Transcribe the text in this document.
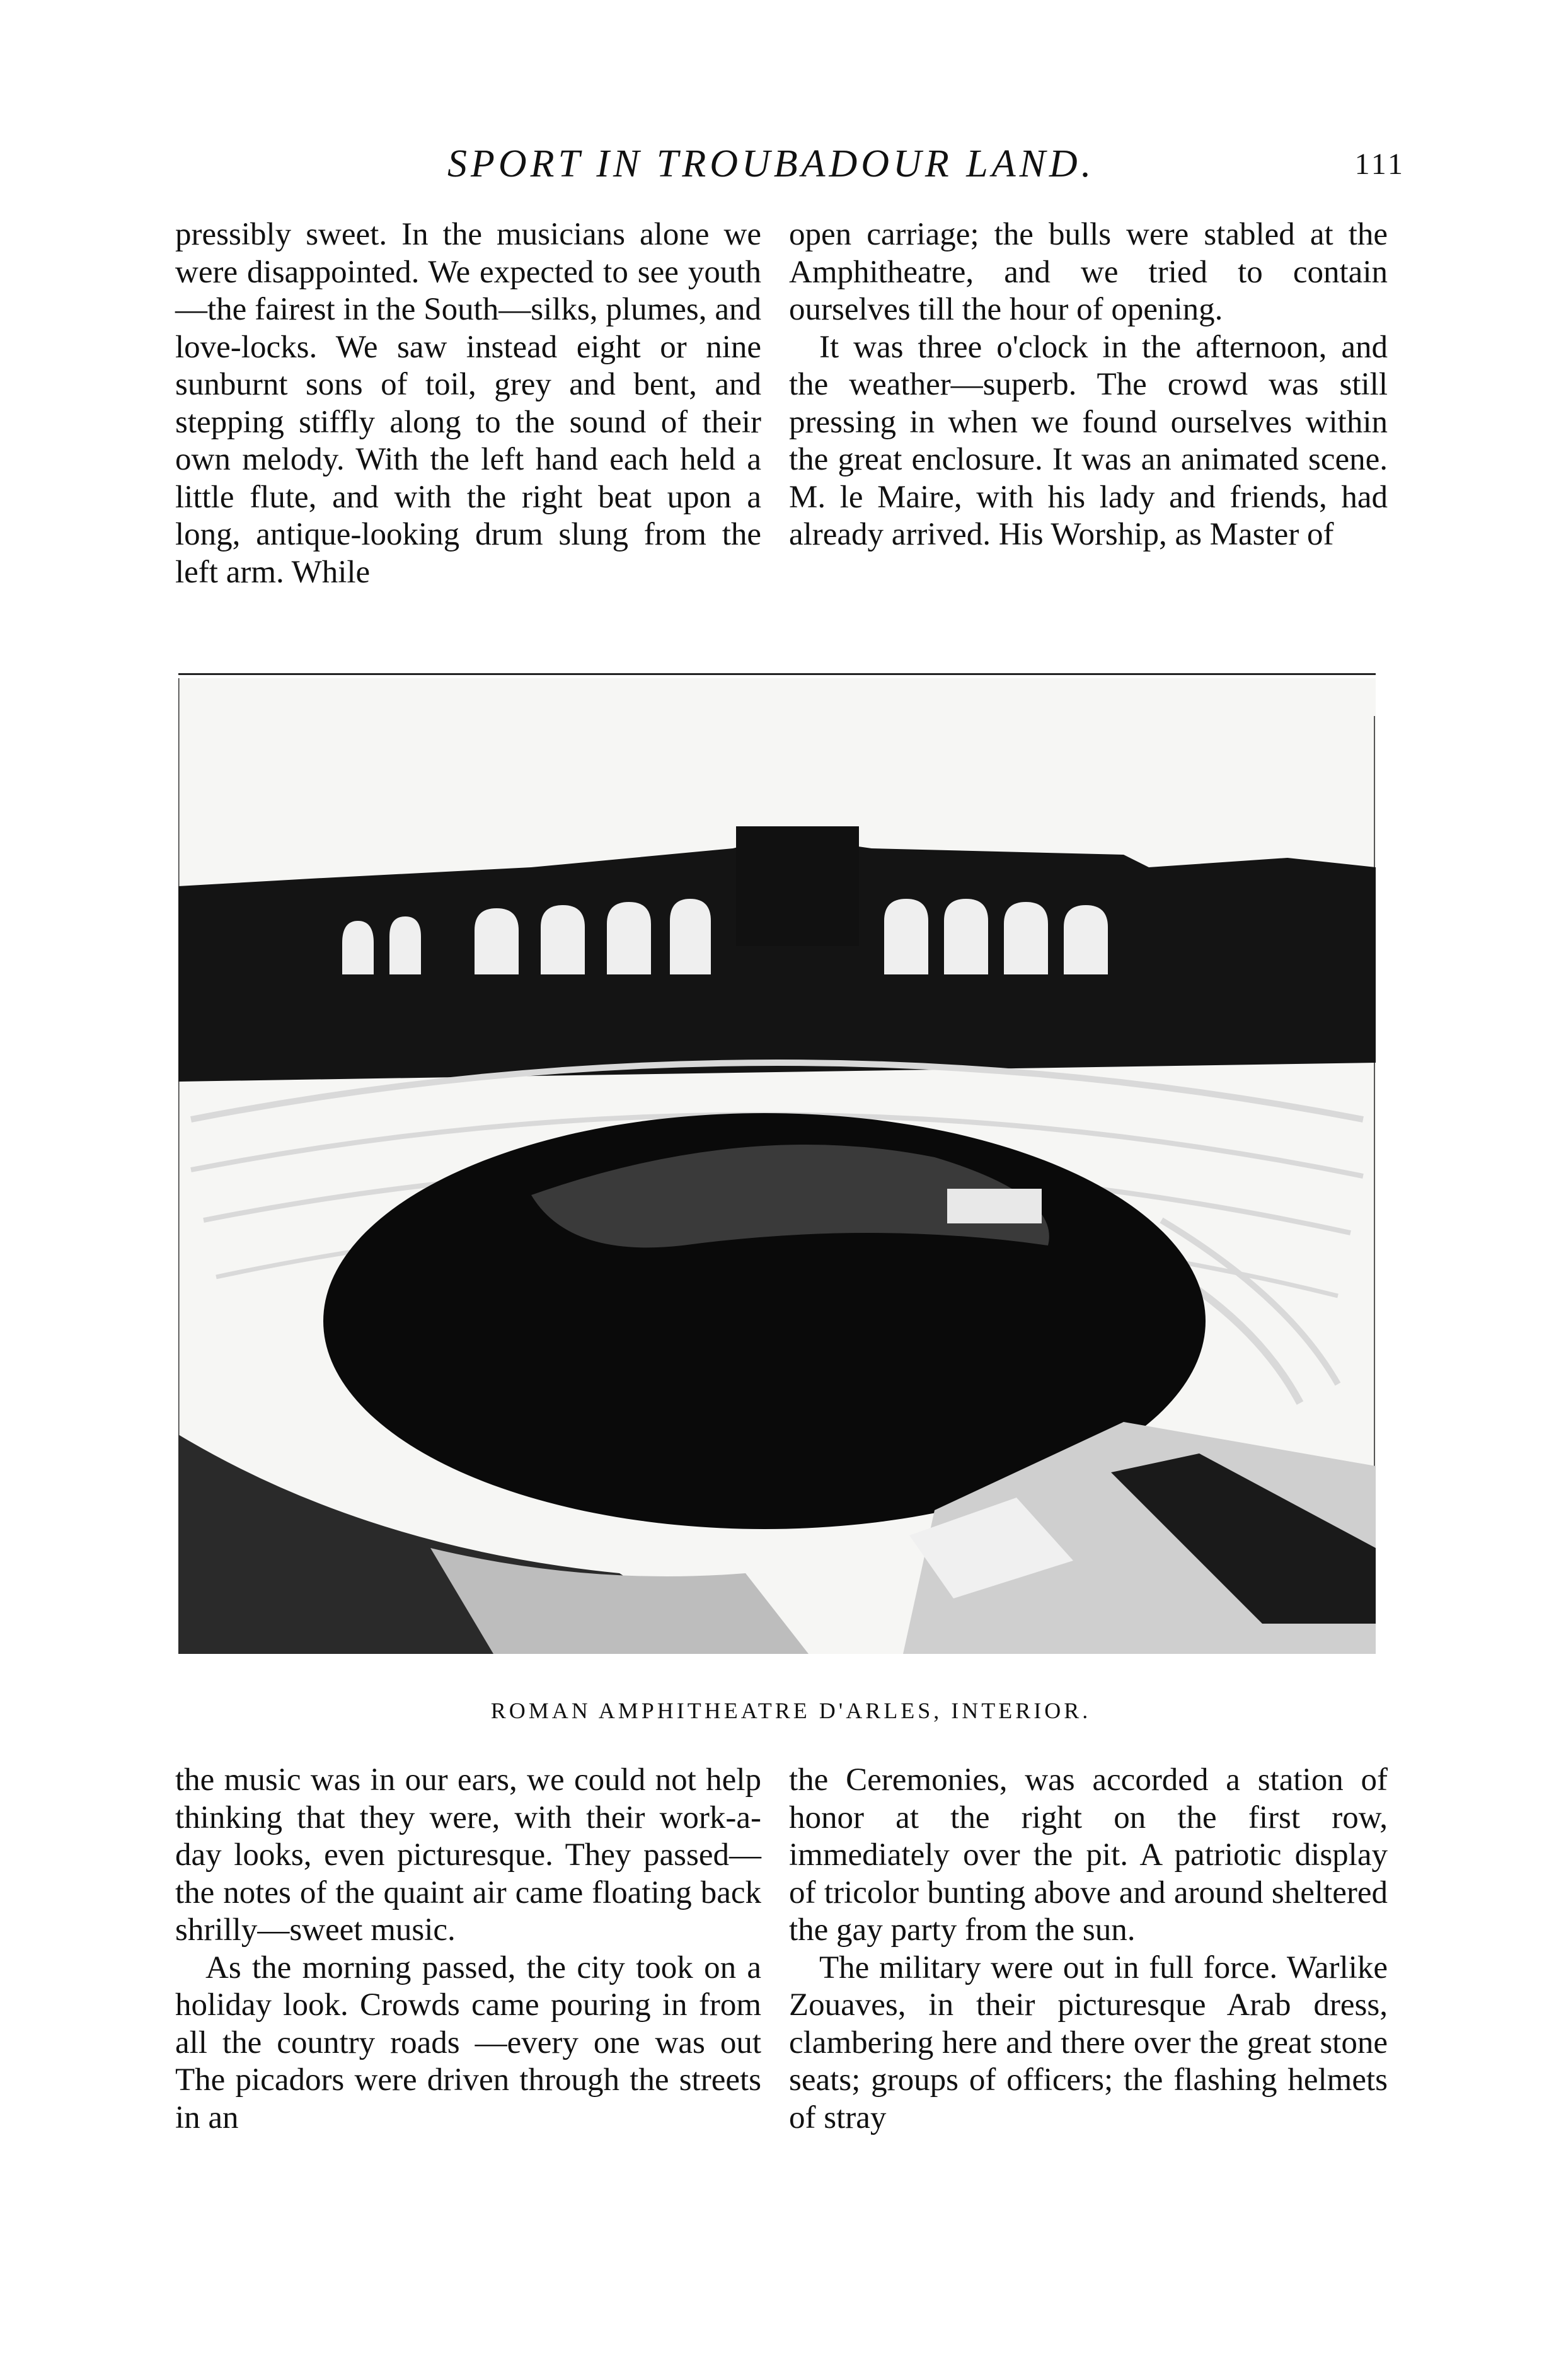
SPORT IN TROUBADOUR LAND.	111

pressibly sweet. In the musicians alone we were disappointed. We expected to see youth—the fairest in the South—silks, plumes, and love-locks. We saw instead eight or nine sunburnt sons of toil, grey and bent, and stepping stiffly along to the sound of their own melody. With the left hand each held a little flute, and with the right beat upon a long, antique-looking drum slung from the left arm. While

open carriage; the bulls were stabled at the Amphitheatre, and we tried to contain ourselves till the hour of opening.

It was three o'clock in the afternoon, and the weather—superb. The crowd was still pressing in when we found ourselves within the great enclosure. It was an animated scene. M. le Maire, with his lady and friends, had already arrived. His Worship, as Master of

ROMAN AMPHITHEATRE D'ARLES, INTERIOR.

the music was in our ears, we could not help thinking that they were, with their work-a-day looks, even picturesque. They passed—the notes of the quaint air came floating back shrilly—sweet music.

As the morning passed, the city took on a holiday look. Crowds came pouring in from all the country roads —every one was out The picadors were driven through the streets in an

the Ceremonies, was accorded a station of honor at the right on the first row, immediately over the pit. A patriotic display of tricolor bunting above and around sheltered the gay party from the sun.

The military were out in full force. Warlike Zouaves, in their picturesque Arab dress, clambering here and there over the great stone seats; groups of officers; the flashing helmets of stray
